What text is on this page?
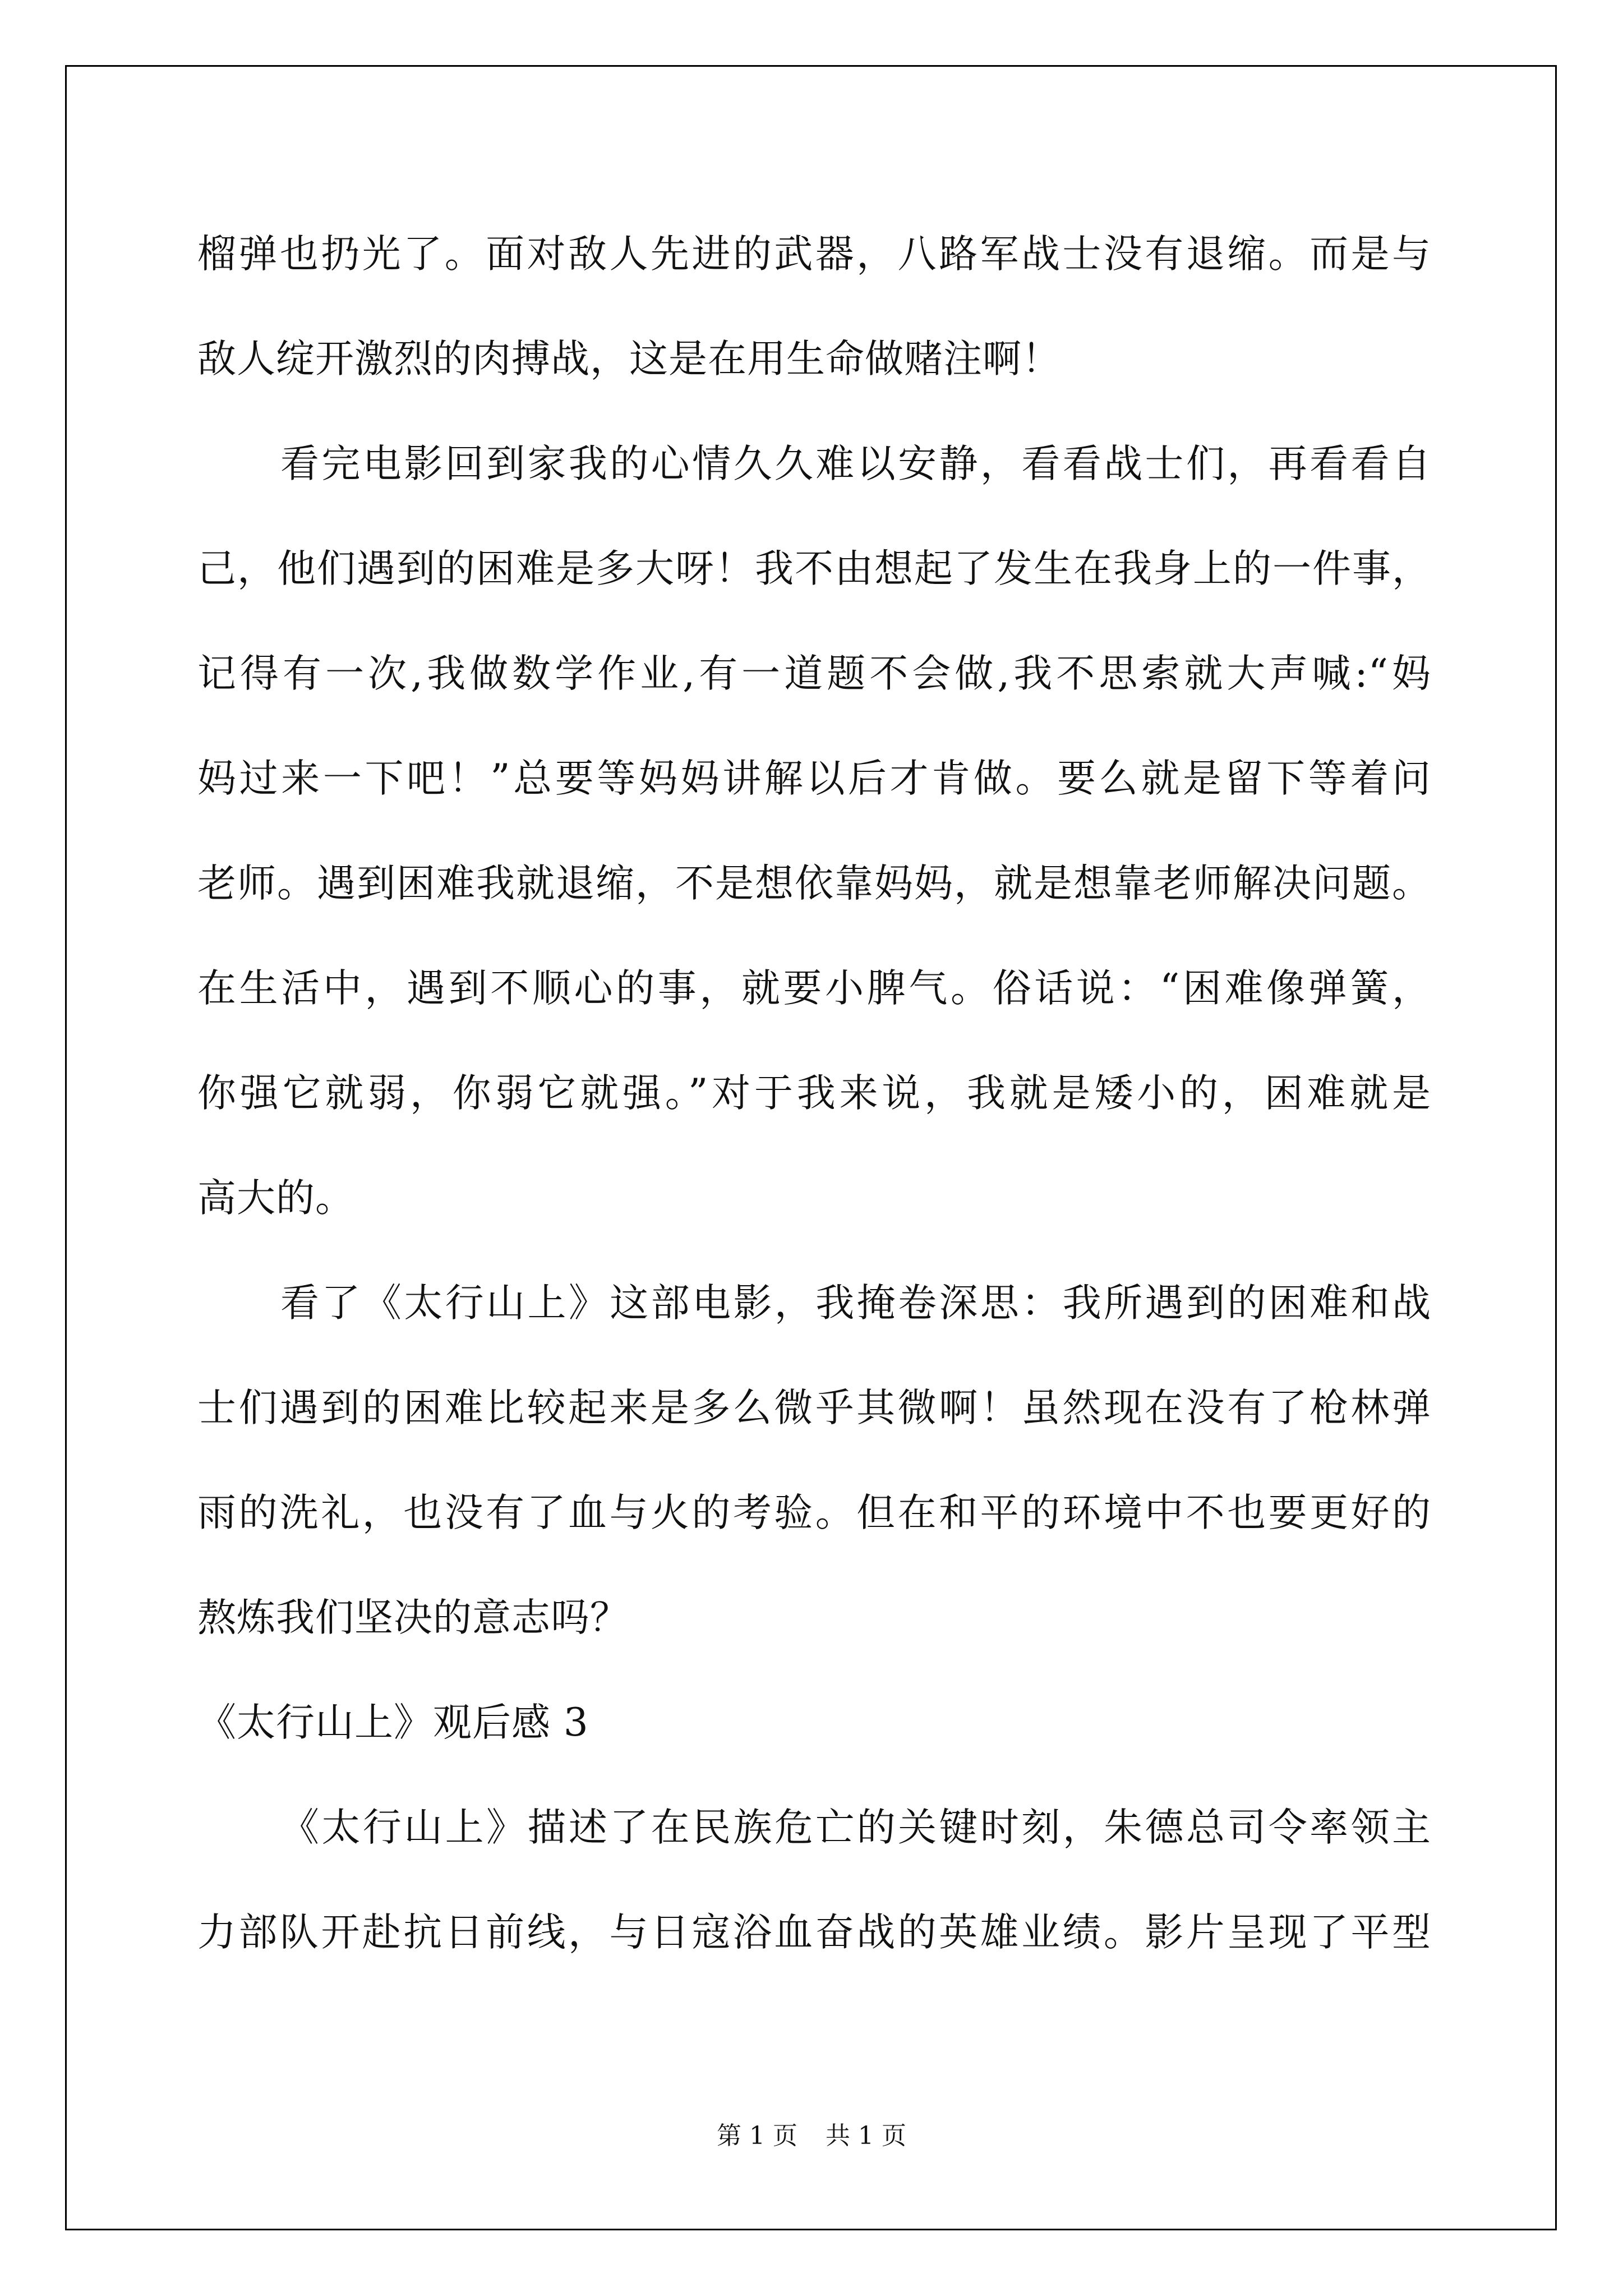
榴弹也扔光了。面对敌人先进的武器，八路军战士没有退缩。而是与
敌人绽开激烈的肉搏战，这是在用生命做赌注啊！
看完电影回到家我的心情久久难以安静，看看战士们，再看看自
己，他们遇到的困难是多大呀！我不由想起了发生在我身上的一件事，
记得有一次,我做数学作业,有一道题不会做,我不思索就大声喊:“妈
妈过来一下吧！”总要等妈妈讲解以后才肯做。要么就是留下等着问
老师。遇到困难我就退缩，不是想依靠妈妈，就是想靠老师解决问题。
在生活中，遇到不顺心的事，就要小脾气。俗话说：“困难像弹簧，
你强它就弱，你弱它就强。”对于我来说，我就是矮小的，困难就是
高大的。
看了《太行山上》这部电影，我掩卷深思：我所遇到的困难和战
士们遇到的困难比较起来是多么微乎其微啊！虽然现在没有了枪林弹
雨的洗礼，也没有了血与火的考验。但在和平的环境中不也要更好的
熬炼我们坚决的意志吗？
《太行山上》观后感 3
《太行山上》描述了在民族危亡的关键时刻，朱德总司令率领主
力部队开赴抗日前线，与日寇浴血奋战的英雄业绩。影片呈现了平型
第 1 页 共 1 页
